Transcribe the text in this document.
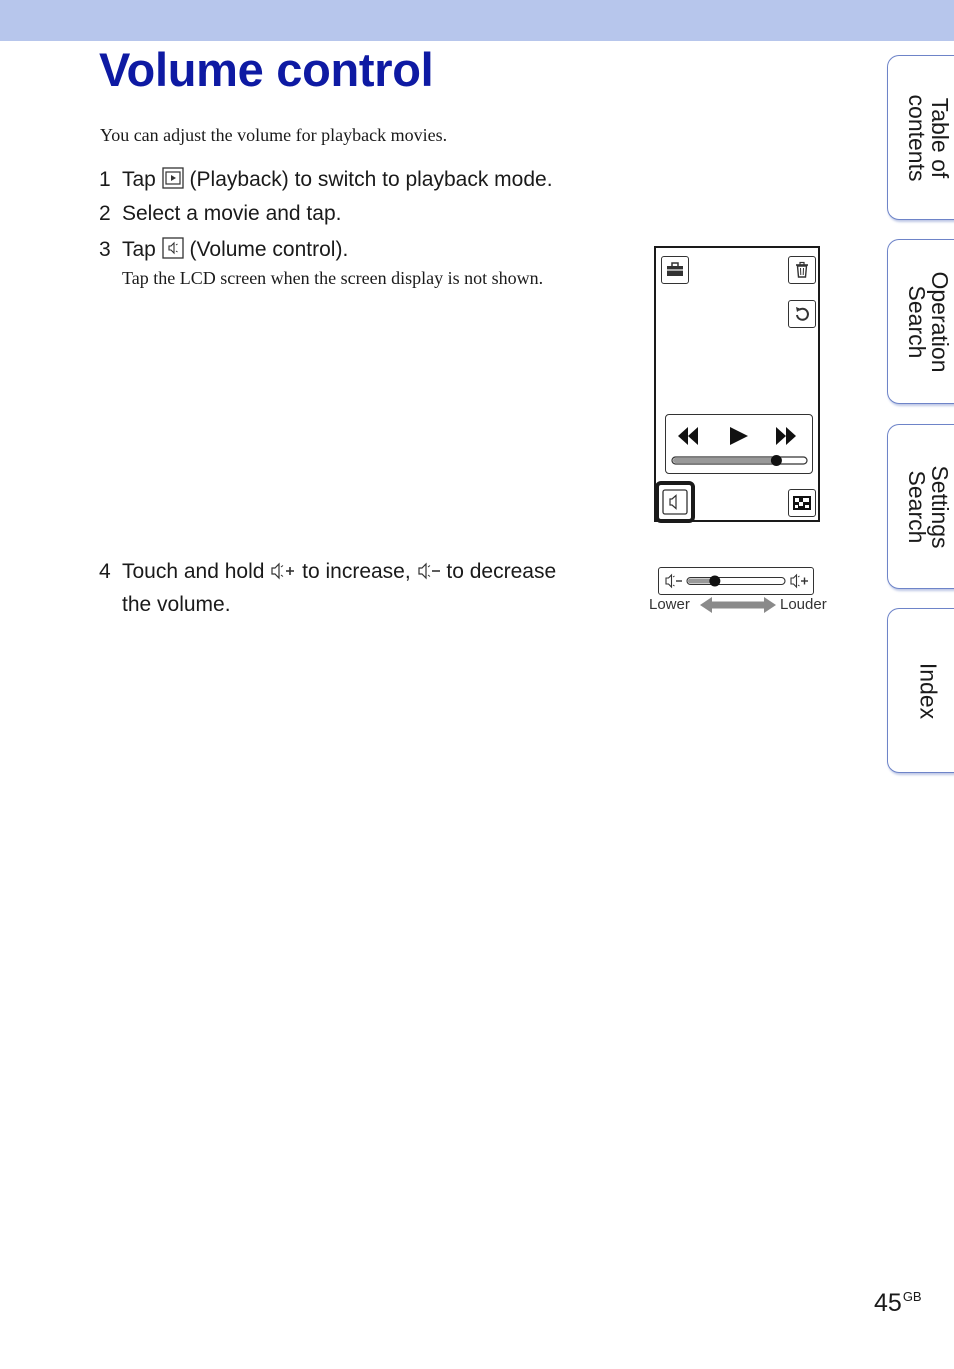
Volume control
You can adjust the volume for playback movies.
1 Tap (Playback) to switch to playback mode.
2 Select a movie and tap.
3 Tap (Volume control).
Tap the LCD screen when the screen display is not shown.
4 Touch and hold to increase, to decrease
the volume.	Lower	Louder
Table of
contents
Operation
Search
Settings
Search
Index
$45^{GB}$
